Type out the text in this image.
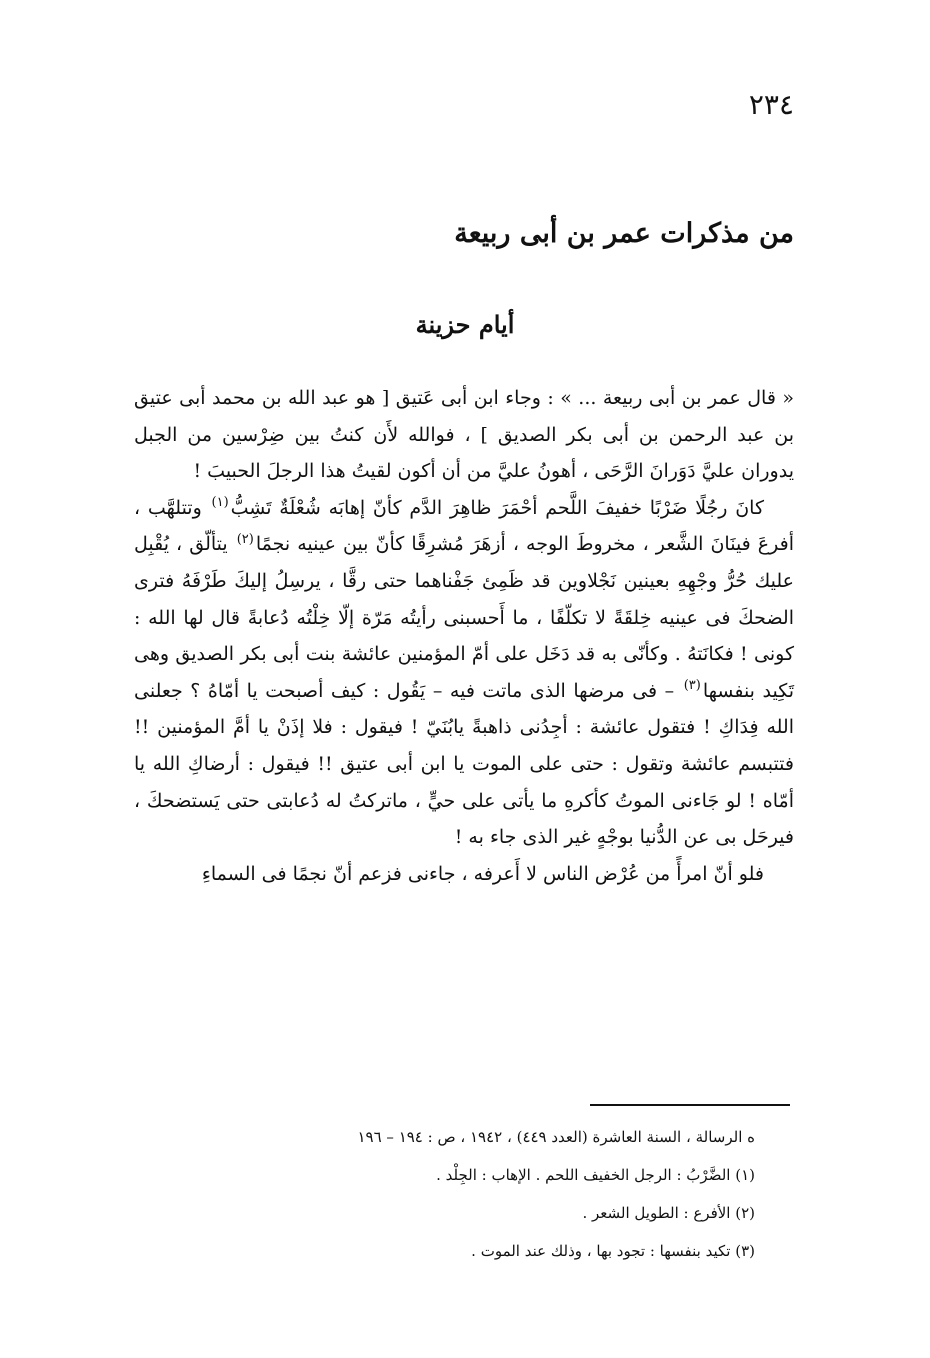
٢٣٤
من مذكرات عمر بن أبى ربيعة
أيام حزينة

« قال عمر بن أبى ربيعة ... » : وجاء ابن أبى عَتيق [ هو عبد الله بن محمد أبى عتيق بن عبد الرحمن بن أبى بكر الصديق ] ، فوالله لأَن كنتُ بين ضِرْسين من الجبل يدوران عليَّ دَوَرانَ الرَّحَى ، أهونُ عليَّ من أن أكون لقيتُ هذا الرجلَ الحبيبَ !

كانَ رجُلًا ضَرْبًا خفيفَ اللَّحم أحْمَرَ ظاهِرَ الدَّم كأنّ إهابَه شُعْلَةٌ تَشِبُّ$^{(١)}$ وتتلهَّب ، أفرعَ فينَانَ الشَّعر ، مخروطَ الوجه ، أزهَرَ مُشرِقًا كأنّ بين عينيه نجمًا$^{(٢)}$ يتألّق ، يُقْبِل عليك حُرُّ وجْهِهِ بعينين نَجْلاوين قد ظَمِئ جَفْناهما حتى رقَّا ، يرسِلُ إليكَ طَرْفَهُ فترى الضحكَ فى عينيه خِلقَةً لا تكلّفًا ، ما أَحسبنى رأيتُه مَرّة إلّا خِلْتُه دُعابةً قال لها الله : كونى ! فكانَتهُ . وكأنّى به قد دَخَل على أمّ المؤمنين عائشة بنت أبى بكر الصديق وهى تَكِيد بنفسها$^{(٣)}$ – فى مرضها الذى ماتت فيه – يَقُول : كيف أصبحت يا أمّاهُ ؟ جعلنى الله فِدَاكِ ! فتقول عائشة : أجِدُنى ذاهبةً يابُنَيّ ! فيقول : فلا إذَنْ يا أمَّ المؤمنين !! فتتبسم عائشة وتقول : حتى على الموت يا ابن أبى عتيق !! فيقول : أرضاكِ الله يا أمّاه ! لو جَاءنى الموتُ كأكرهِ ما يأتى على حيٍّ ، ماتركتُ له دُعابتى حتى يَستضحكَ ، فيرحَل بى عن الدُّنيا بوجْهٍ غير الذى جاء به !

فلو أنّ امرأً من عُرْض الناس لا أَعرفه ، جاءنى فزعم أنّ نجمًا فى السماءِ

ه الرسالة ، السنة العاشرة (العدد ٤٤٩) ، ١٩٤٢ ، ص : ١٩٤ – ١٩٦
(١) الضَّرْبُ : الرجل الخفيف اللحم . الإهاب : الجِلْد .
(٢) الأفرع : الطويل الشعر .
(٣) تكيد بنفسها : تجود بها ، وذلك عند الموت .
